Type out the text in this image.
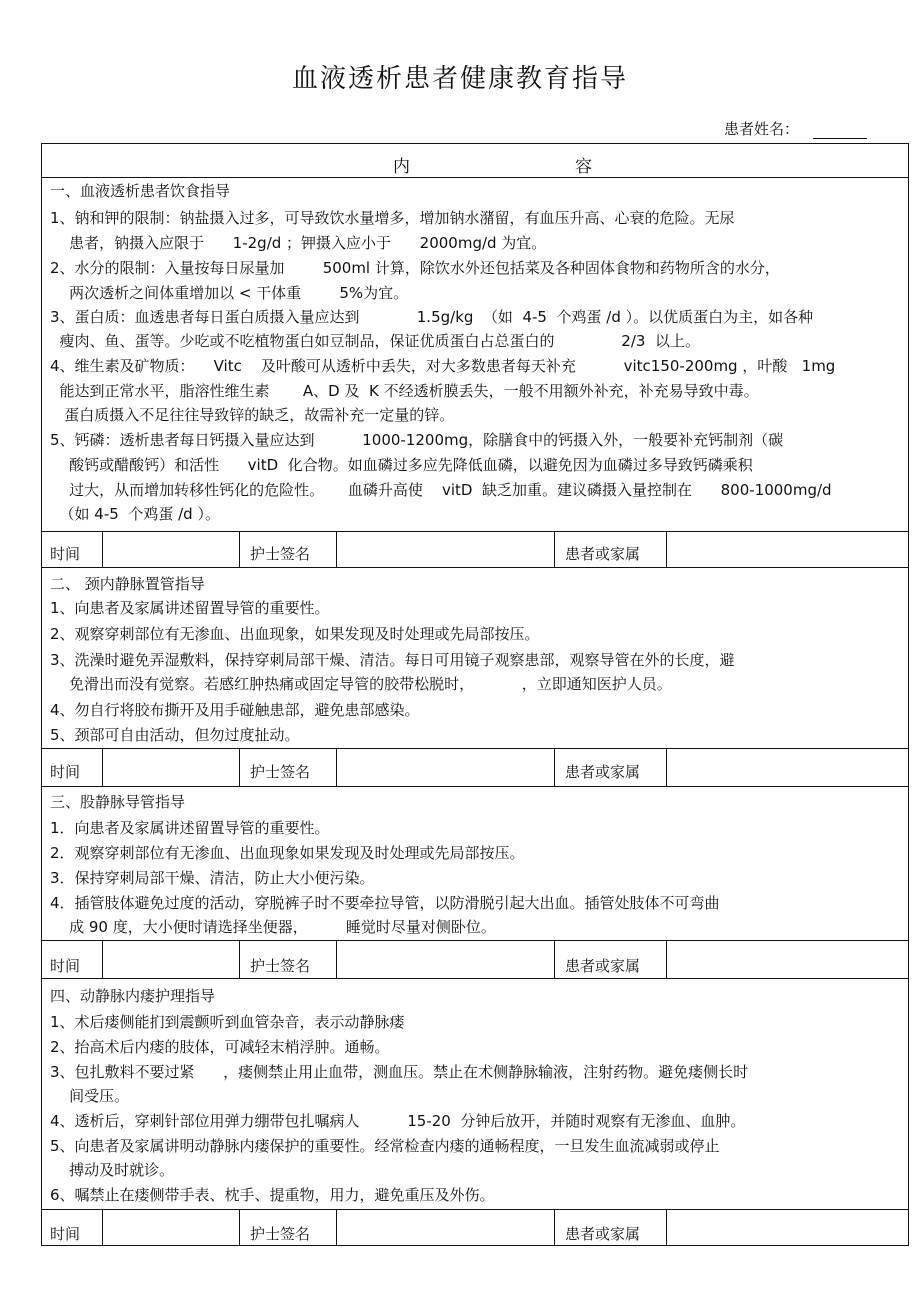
血液透析患者健康教育指导
患者姓名：
内	容
一、血液透析患者饮食指导
1、钠和钾的限制：钠盐摄入过多，可导致饮水量增多，增加钠水潴留，有血压升高、心衰的危险。无尿
患者，钠摄入应限于      1-2g/d ；钾摄入应小于      2000mg/d 为宜。
2、水分的限制：入量按每日尿量加        500ml 计算，除饮水外还包括菜及各种固体食物和药物所含的水分，
两次透析之间体重增加以 < 干体重        5%为宜。
3、蛋白质：血透患者每日蛋白质摄入量应达到            1.5g/kg  （如  4-5  个鸡蛋 /d ）。以优质蛋白为主，如各种
瘦肉、鱼、蛋等。少吃或不吃植物蛋白如豆制品，保证优质蛋白占总蛋白的              2/3  以上。
4、维生素及矿物质：    Vitc    及叶酸可从透析中丢失，对大多数患者每天补充          vitc150-200mg ，叶酸   1mg
能达到正常水平，脂溶性维生素       A、D 及  K 不经透析膜丢失，一般不用额外补充，补充易导致中毒。
蛋白质摄入不足往往导致锌的缺乏，故需补充一定量的锌。
5、钙磷：透析患者每日钙摄入量应达到          1000-1200mg，除膳食中的钙摄入外，一般要补充钙制剂（碳
酸钙或醋酸钙）和活性      vitD  化合物。如血磷过多应先降低血磷，以避免因为血磷过多导致钙磷乘积
过大，从而增加转移性钙化的危险性。     血磷升高使    vitD  缺乏加重。建议磷摄入量控制在      800-1000mg/d
（如 4-5  个鸡蛋 /d ）。
时间	护士签名	患者或家属
二、 颈内静脉置管指导
1、向患者及家属讲述留置导管的重要性。
2、观察穿刺部位有无渗血、出血现象，如果发现及时处理或先局部按压。
3、洗澡时避免弄湿敷料，保持穿刺局部干燥、清洁。每日可用镜子观察患部，观察导管在外的长度，避
免滑出而没有觉察。若感红肿热痛或固定导管的胶带松脱时，          ，立即通知医护人员。
4、勿自行将胶布撕开及用手碰触患部，避免患部感染。
5、颈部可自由活动，但勿过度扯动。
时间	护士签名	患者或家属
三、股静脉导管指导
1．向患者及家属讲述留置导管的重要性。
2．观察穿刺部位有无渗血、出血现象如果发现及时处理或先局部按压。
3．保持穿刺局部干燥、清洁，防止大小便污染。
4．插管肢体避免过度的活动，穿脱裤子时不要牵拉导管，以防滑脱引起大出血。插管处肢体不可弯曲
成 90 度，大小便时请选择坐便器，        睡觉时尽量对侧卧位。
时间	护士签名	患者或家属
四、动静脉内瘘护理指导
1、术后瘘侧能扪到震颤听到血管杂音，表示动静脉瘘
2、抬高术后内瘘的肢体，可减轻末梢浮肿。通畅。
3、包扎敷料不要过紧      ，瘘侧禁止用止血带，测血压。禁止在术侧静脉输液，注射药物。避免瘘侧长时
间受压。
4、透析后，穿刺针部位用弹力绷带包扎嘱病人          15-20  分钟后放开，并随时观察有无渗血、血肿。
5、向患者及家属讲明动静脉内瘘保护的重要性。经常检查内瘘的通畅程度，一旦发生血流减弱或停止
搏动及时就诊。
6、嘱禁止在瘘侧带手表、枕手、提重物，用力，避免重压及外伤。
时间	护士签名	患者或家属
